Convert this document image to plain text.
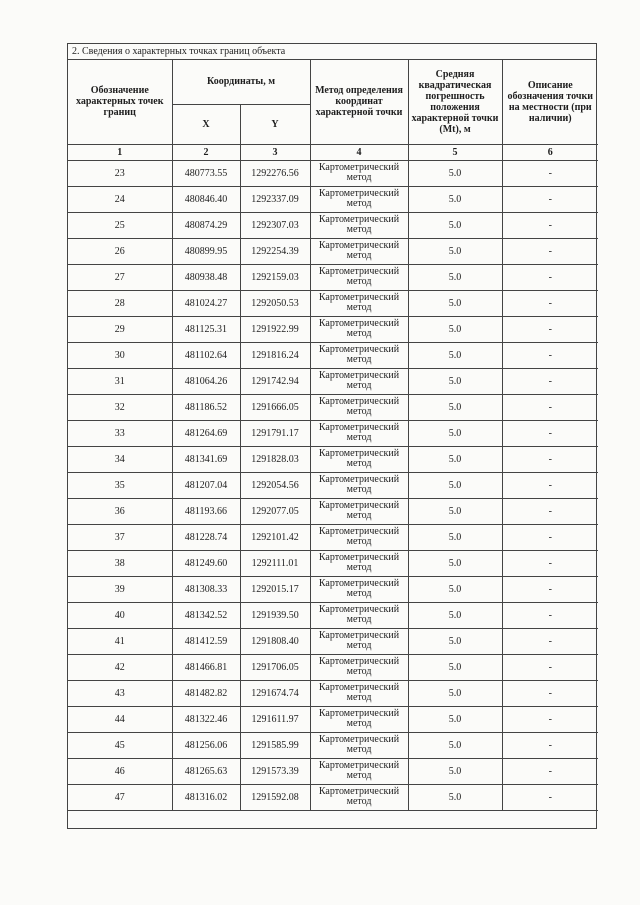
2. Сведения о характерных точках границ объекта
Обозначение характерных точек границ	Координаты, м		Метод определения координат характерной точки	Средняя квадратическая погрешность положения характерной точки (Mt), м	Описание обозначения точки на местности (при наличии)
	X	Y			
1	2	3	4	5	6
23	480773.55	1292276.56	Картометрический метод	5.0	-
24	480846.40	1292337.09	Картометрический метод	5.0	-
25	480874.29	1292307.03	Картометрический метод	5.0	-
26	480899.95	1292254.39	Картометрический метод	5.0	-
27	480938.48	1292159.03	Картометрический метод	5.0	-
28	481024.27	1292050.53	Картометрический метод	5.0	-
29	481125.31	1291922.99	Картометрический метод	5.0	-
30	481102.64	1291816.24	Картометрический метод	5.0	-
31	481064.26	1291742.94	Картометрический метод	5.0	-
32	481186.52	1291666.05	Картометрический метод	5.0	-
33	481264.69	1291791.17	Картометрический метод	5.0	-
34	481341.69	1291828.03	Картометрический метод	5.0	-
35	481207.04	1292054.56	Картометрический метод	5.0	-
36	481193.66	1292077.05	Картометрический метод	5.0	-
37	481228.74	1292101.42	Картометрический метод	5.0	-
38	481249.60	1292111.01	Картометрический метод	5.0	-
39	481308.33	1292015.17	Картометрический метод	5.0	-
40	481342.52	1291939.50	Картометрический метод	5.0	-
41	481412.59	1291808.40	Картометрический метод	5.0	-
42	481466.81	1291706.05	Картометрический метод	5.0	-
43	481482.82	1291674.74	Картометрический метод	5.0	-
44	481322.46	1291611.97	Картометрический метод	5.0	-
45	481256.06	1291585.99	Картометрический метод	5.0	-
46	481265.63	1291573.39	Картометрический метод	5.0	-
47	481316.02	1291592.08	Картометрический метод	5.0	-
